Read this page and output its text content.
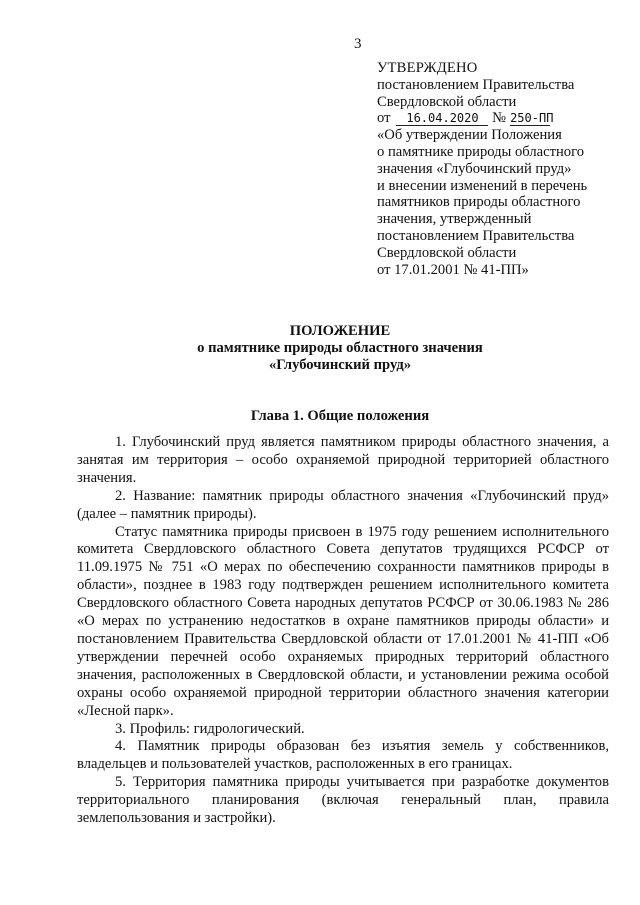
3
УТВЕРЖДЕНО
постановлением Правительства
Свердловской области
от 16.04.2020 № 250-ПП
«Об утверждении Положения
о памятнике природы областного
значения «Глубочинский пруд»
и внесении изменений в перечень
памятников природы областного
значения, утвержденный
постановлением Правительства
Свердловской области
от 17.01.2001 № 41-ПП»
ПОЛОЖЕНИЕ
о памятнике природы областного значения
«Глубочинский пруд»
Глава 1. Общие положения

1. Глубочинский пруд является памятником природы областного значения, а занятая им территория – особо охраняемой природной территорией областного значения.

2. Название: памятник природы областного значения «Глубочинский пруд» (далее – памятник природы).

Статус памятника природы присвоен в 1975 году решением исполнительного комитета Свердловского областного Совета депутатов трудящихся РСФСР от 11.09.1975 № 751 «О мерах по обеспечению сохранности памятников природы в области», позднее в 1983 году подтвержден решением исполнительного комитета Свердловского областного Совета народных депутатов РСФСР от 30.06.1983 № 286 «О мерах по устранению недостатков в охране памятников природы области» и постановлением Правительства Свердловской области от 17.01.2001 № 41-ПП «Об утверждении перечней особо охраняемых природных территорий областного значения, расположенных в Свердловской области, и установлении режима особой охраны особо охраняемой природной территории областного значения категории «Лесной парк».

3. Профиль: гидрологический.

4. Памятник природы образован без изъятия земель у собственников, владельцев и пользователей участков, расположенных в его границах.

5. Территория памятника природы учитывается при разработке документов территориального планирования (включая генеральный план, правила землепользования и застройки).
